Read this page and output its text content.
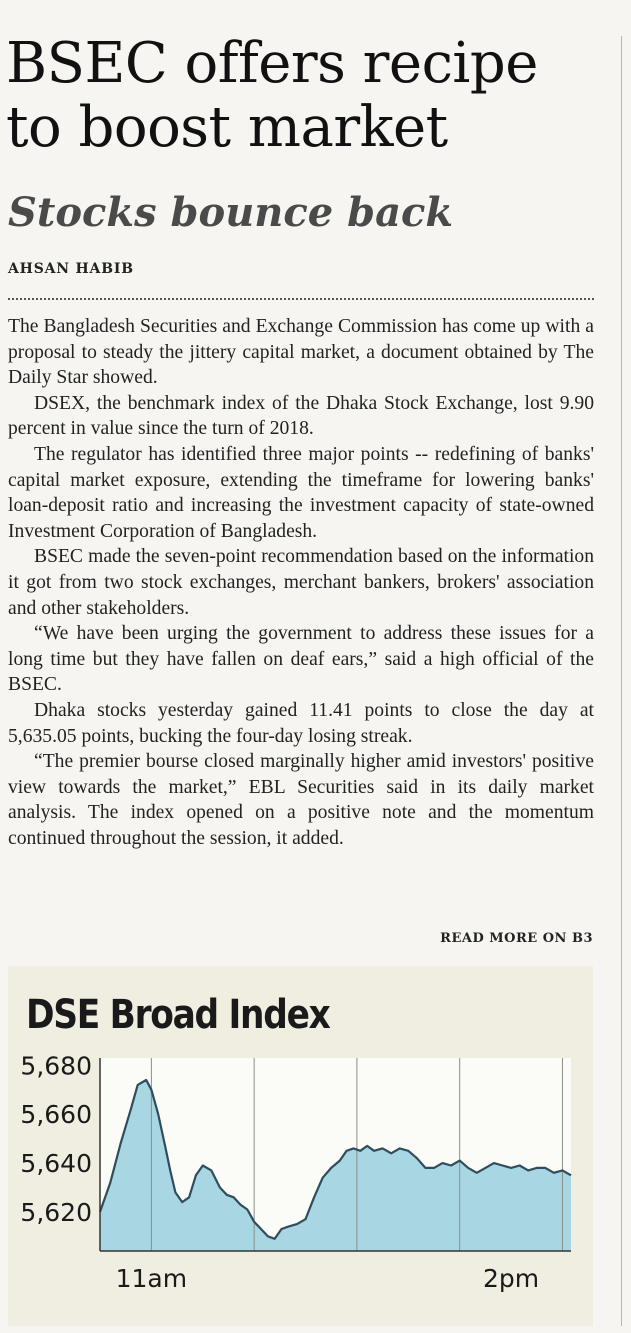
BSEC offers recipe
to boost market
Stocks bounce back
AHSAN HABIB

The Bangladesh Securities and Exchange Commission has come up with a proposal to steady the jittery capital market, a document obtained by The Daily Star showed.

DSEX, the benchmark index of the Dhaka Stock Exchange, lost 9.90 percent in value since the turn of 2018.

The regulator has identified three major points -- redefining of banks' capital market exposure, extending the timeframe for lowering banks' loan-deposit ratio and increasing the investment capacity of state-owned Investment Corporation of Bangladesh.

BSEC made the seven-point recommendation based on the information it got from two stock exchanges, merchant bankers, brokers' association and other stakeholders.

“We have been urging the government to address these issues for a long time but they have fallen on deaf ears,” said a high official of the BSEC.

Dhaka stocks yesterday gained 11.41 points to close the day at 5,635.05 points, bucking the four-day losing streak.

“The premier bourse closed marginally higher amid investors' positive view towards the market,” EBL Securities said in its daily market analysis. The index opened on a positive note and the momentum continued throughout the session, it added.

READ MORE ON B3
DSE Broad Index
5,620
5,640
5,660
5,680
11am	2pm
